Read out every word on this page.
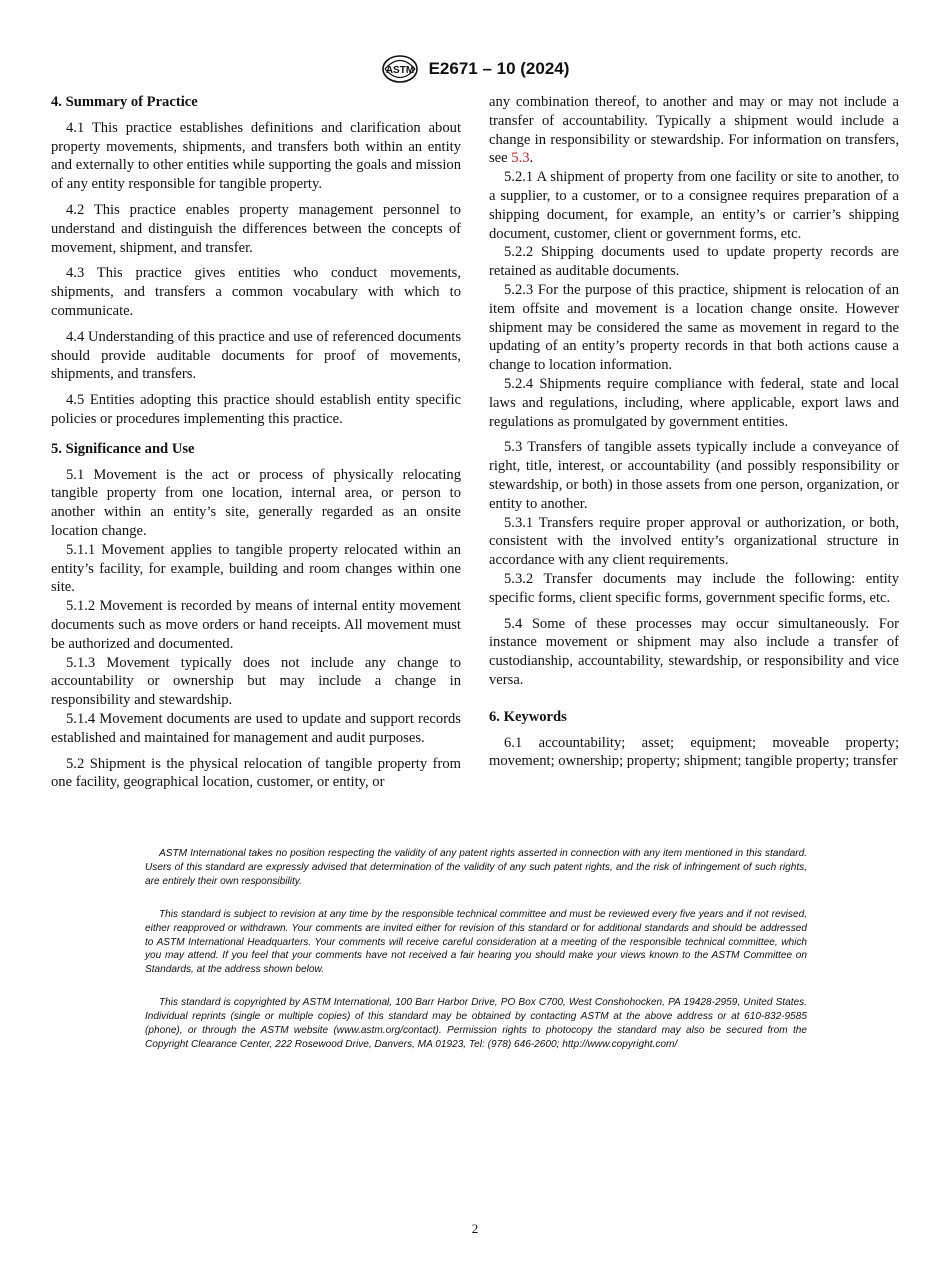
ASTM E2671 – 10 (2024)
4. Summary of Practice

4.1 This practice establishes definitions and clarification about property movements, shipments, and transfers both within an entity and externally to other entities while supporting the goals and mission of any entity responsible for tangible property.

4.2 This practice enables property management personnel to understand and distinguish the differences between the concepts of movement, shipment, and transfer.

4.3 This practice gives entities who conduct movements, shipments, and transfers a common vocabulary with which to communicate.

4.4 Understanding of this practice and use of referenced documents should provide auditable documents for proof of movements, shipments, and transfers.

4.5 Entities adopting this practice should establish entity specific policies or procedures implementing this practice.

5. Significance and Use

5.1 Movement is the act or process of physically relocating tangible property from one location, internal area, or person to another within an entity’s site, generally regarded as an onsite location change.

5.1.1 Movement applies to tangible property relocated within an entity’s facility, for example, building and room changes within one site.

5.1.2 Movement is recorded by means of internal entity movement documents such as move orders or hand receipts. All movement must be authorized and documented.

5.1.3 Movement typically does not include any change to accountability or ownership but may include a change in responsibility and stewardship.

5.1.4 Movement documents are used to update and support records established and maintained for management and audit purposes.

5.2 Shipment is the physical relocation of tangible property from one facility, geographical location, customer, or entity, or

any combination thereof, to another and may or may not include a transfer of accountability. Typically a shipment would include a change in responsibility or stewardship. For information on transfers, see 5.3.

5.2.1 A shipment of property from one facility or site to another, to a supplier, to a customer, or to a consignee requires preparation of a shipping document, for example, an entity’s or carrier’s shipping document, customer, client or government forms, etc.

5.2.2 Shipping documents used to update property records are retained as auditable documents.

5.2.3 For the purpose of this practice, shipment is relocation of an item offsite and movement is a location change onsite. However shipment may be considered the same as movement in regard to the updating of an entity’s property records in that both actions cause a change to location information.

5.2.4 Shipments require compliance with federal, state and local laws and regulations, including, where applicable, export laws and regulations as promulgated by government entities.

5.3 Transfers of tangible assets typically include a conveyance of right, title, interest, or accountability (and possibly responsibility or stewardship, or both) in those assets from one person, organization, or entity to another.

5.3.1 Transfers require proper approval or authorization, or both, consistent with the involved entity’s organizational structure in accordance with any client requirements.

5.3.2 Transfer documents may include the following: entity specific forms, client specific forms, government specific forms, etc.

5.4 Some of these processes may occur simultaneously. For instance movement or shipment may also include a transfer of custodianship, accountability, stewardship, or responsibility and vice versa.

6. Keywords

6.1 accountability; asset; equipment; moveable property; movement; ownership; property; shipment; tangible property; transfer

ASTM International takes no position respecting the validity of any patent rights asserted in connection with any item mentioned in this standard. Users of this standard are expressly advised that determination of the validity of any such patent rights, and the risk of infringement of such rights, are entirely their own responsibility.

This standard is subject to revision at any time by the responsible technical committee and must be reviewed every five years and if not revised, either reapproved or withdrawn. Your comments are invited either for revision of this standard or for additional standards and should be addressed to ASTM International Headquarters. Your comments will receive careful consideration at a meeting of the responsible technical committee, which you may attend. If you feel that your comments have not received a fair hearing you should make your views known to the ASTM Committee on Standards, at the address shown below.

This standard is copyrighted by ASTM International, 100 Barr Harbor Drive, PO Box C700, West Conshohocken, PA 19428-2959, United States. Individual reprints (single or multiple copies) of this standard may be obtained by contacting ASTM at the above address or at 610-832-9585 (phone), or through the ASTM website (www.astm.org/contact). Permission rights to photocopy the standard may also be secured from the Copyright Clearance Center, 222 Rosewood Drive, Danvers, MA 01923, Tel: (978) 646-2600; http://www.copyright.com/

2
